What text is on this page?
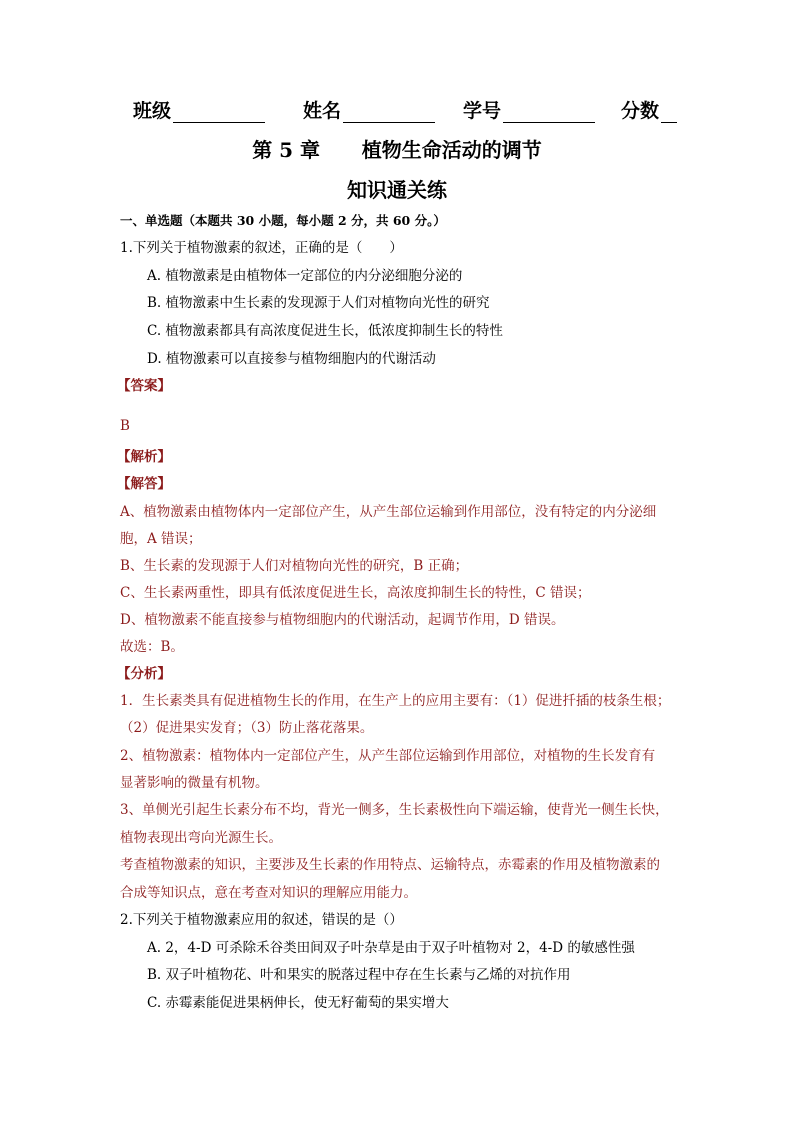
班级	姓名	学号	分数
第 5 章      植物生命活动的调节
知识通关练
一、单选题（本题共 30 小题，每小题 2 分，共 60 分。）
1.下列关于植物激素的叙述，正确的是（　　）
A. 植物激素是由植物体一定部位的内分泌细胞分泌的
B. 植物激素中生长素的发现源于人们对植物向光性的研究
C. 植物激素都具有高浓度促进生长，低浓度抑制生长的特性
D. 植物激素可以直接参与植物细胞内的代谢活动
【答案】
B
【解析】
【解答】
A、植物激素由植物体内一定部位产生，从产生部位运输到作用部位，没有特定的内分泌细
胞，A 错误；
B、生长素的发现源于人们对植物向光性的研究，B 正确；
C、生长素两重性，即具有低浓度促进生长，高浓度抑制生长的特性，C 错误；
D、植物激素不能直接参与植物细胞内的代谢活动，起调节作用，D 错误。
故选：B。
【分析】
1．生长素类具有促进植物生长的作用，在生产上的应用主要有：（1）促进扦插的枝条生根；
（2）促进果实发育；（3）防止落花落果。
2、植物激素：植物体内一定部位产生，从产生部位运输到作用部位，对植物的生长发育有
显著影响的微量有机物。
3、单侧光引起生长素分布不均，背光一侧多，生长素极性向下端运输，使背光一侧生长快，
植物表现出弯向光源生长。
考查植物激素的知识，主要涉及生长素的作用特点、运输特点，赤霉素的作用及植物激素的
合成等知识点，意在考查对知识的理解应用能力。
2.下列关于植物激素应用的叙述，错误的是（）
A. 2，4-D 可杀除禾谷类田间双子叶杂草是由于双子叶植物对 2，4-D 的敏感性强
B. 双子叶植物花、叶和果实的脱落过程中存在生长素与乙烯的对抗作用
C. 赤霉素能促进果柄伸长，使无籽葡萄的果实增大
